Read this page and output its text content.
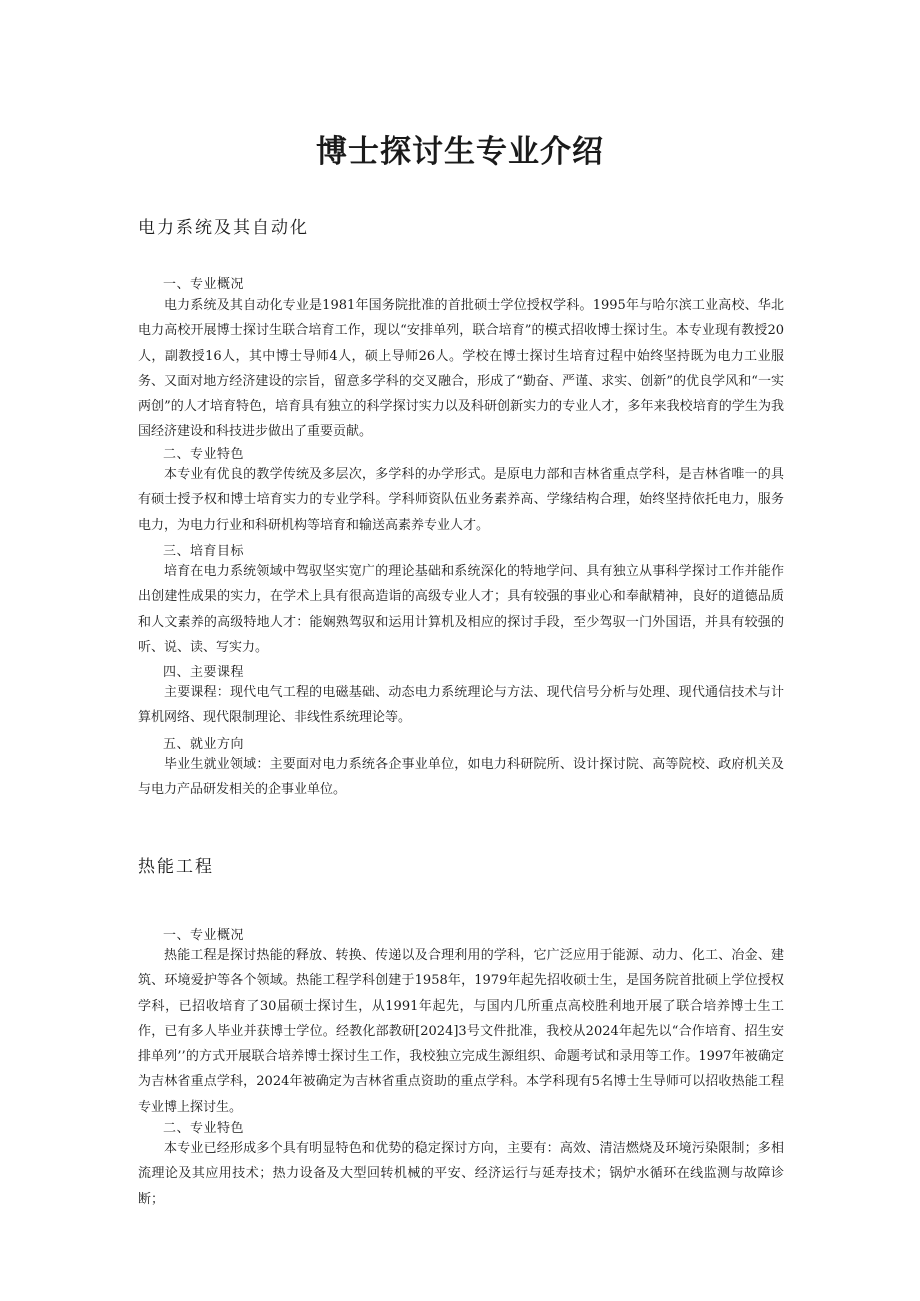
博士探讨生专业介绍
电力系统及其自动化
一、专业概况

电力系统及其自动化专业是1981年国务院批准的首批硕士学位授权学科。1995年与哈尔滨工业高校、华北电力高校开展博士探讨生联合培育工作，现以“安排单列，联合培育”的模式招收博士探讨生。本专业现有教授20人，副教授16人，其中博士导师4人，硕上导师26人。学校在博士探讨生培育过程中始终坚持既为电力工业服务、又面对地方经济建设的宗旨，留意多学科的交叉融合，形成了“勤奋、严谨、求实、创新”的优良学风和“一实两创”的人才培育特色，培育具有独立的科学探讨实力以及科研创新实力的专业人才，多年来我校培育的学生为我国经济建设和科技进步做出了重要贡献。

二、专业特色

本专业有优良的教学传统及多层次，多学科的办学形式。是原电力部和吉林省重点学科，是吉林省唯一的具有硕士授予权和博士培育实力的专业学科。学科师资队伍业务素养高、学缘结构合理，始终坚持依托电力，服务电力，为电力行业和科研机构等培育和输送高素养专业人才。

三、培育目标

培育在电力系统领域中驾驭坚实宽广的理论基础和系统深化的特地学问、具有独立从事科学探讨工作并能作出创建性成果的实力，在学术上具有很高造诣的高级专业人才；具有较强的事业心和奉献精神，良好的道德品质和人文素养的高级特地人才：能娴熟驾驭和运用计算机及相应的探讨手段，至少驾驭一门外国语，并具有较强的听、说、读、写实力。

四、主要课程

主要课程：现代电气工程的电磁基础、动态电力系统理论与方法、现代信号分析与处理、现代通信技术与计算机网络、现代限制理论、非线性系统理论等。

五、就业方向

毕业生就业领域：主要面对电力系统各企事业单位，如电力科研院所、设计探讨院、高等院校、政府机关及与电力产品研发相关的企事业单位。

热能工程
一、专业概况

热能工程是探讨热能的释放、转换、传递以及合理利用的学科，它广泛应用于能源、动力、化工、冶金、建筑、环境爱护等各个领域。热能工程学科创建于1958年，1979年起先招收硕士生，是国务院首批硕上学位授权学科，已招收培育了30届硕士探讨生，从1991年起先，与国内几所重点高校胜利地开展了联合培养博士生工作，已有多人毕业并获博士学位。经教化部教研[2024]3号文件批准，我校从2024年起先以“合作培育、招生安排单列’’的方式开展联合培养博士探讨生工作，我校独立完成生源组织、命题考试和录用等工作。1997年被确定为吉林省重点学科，2024年被确定为吉林省重点资助的重点学科。本学科现有5名博士生导师可以招收热能工程专业博上探讨生。

二、专业特色

本专业已经形成多个具有明显特色和优势的稳定探讨方向，主要有：高效、清洁燃烧及环境污染限制；多相流理论及其应用技术；热力设备及大型回转机械的平安、经济运行与延寿技术；锅炉水循环在线监测与故障诊断；
